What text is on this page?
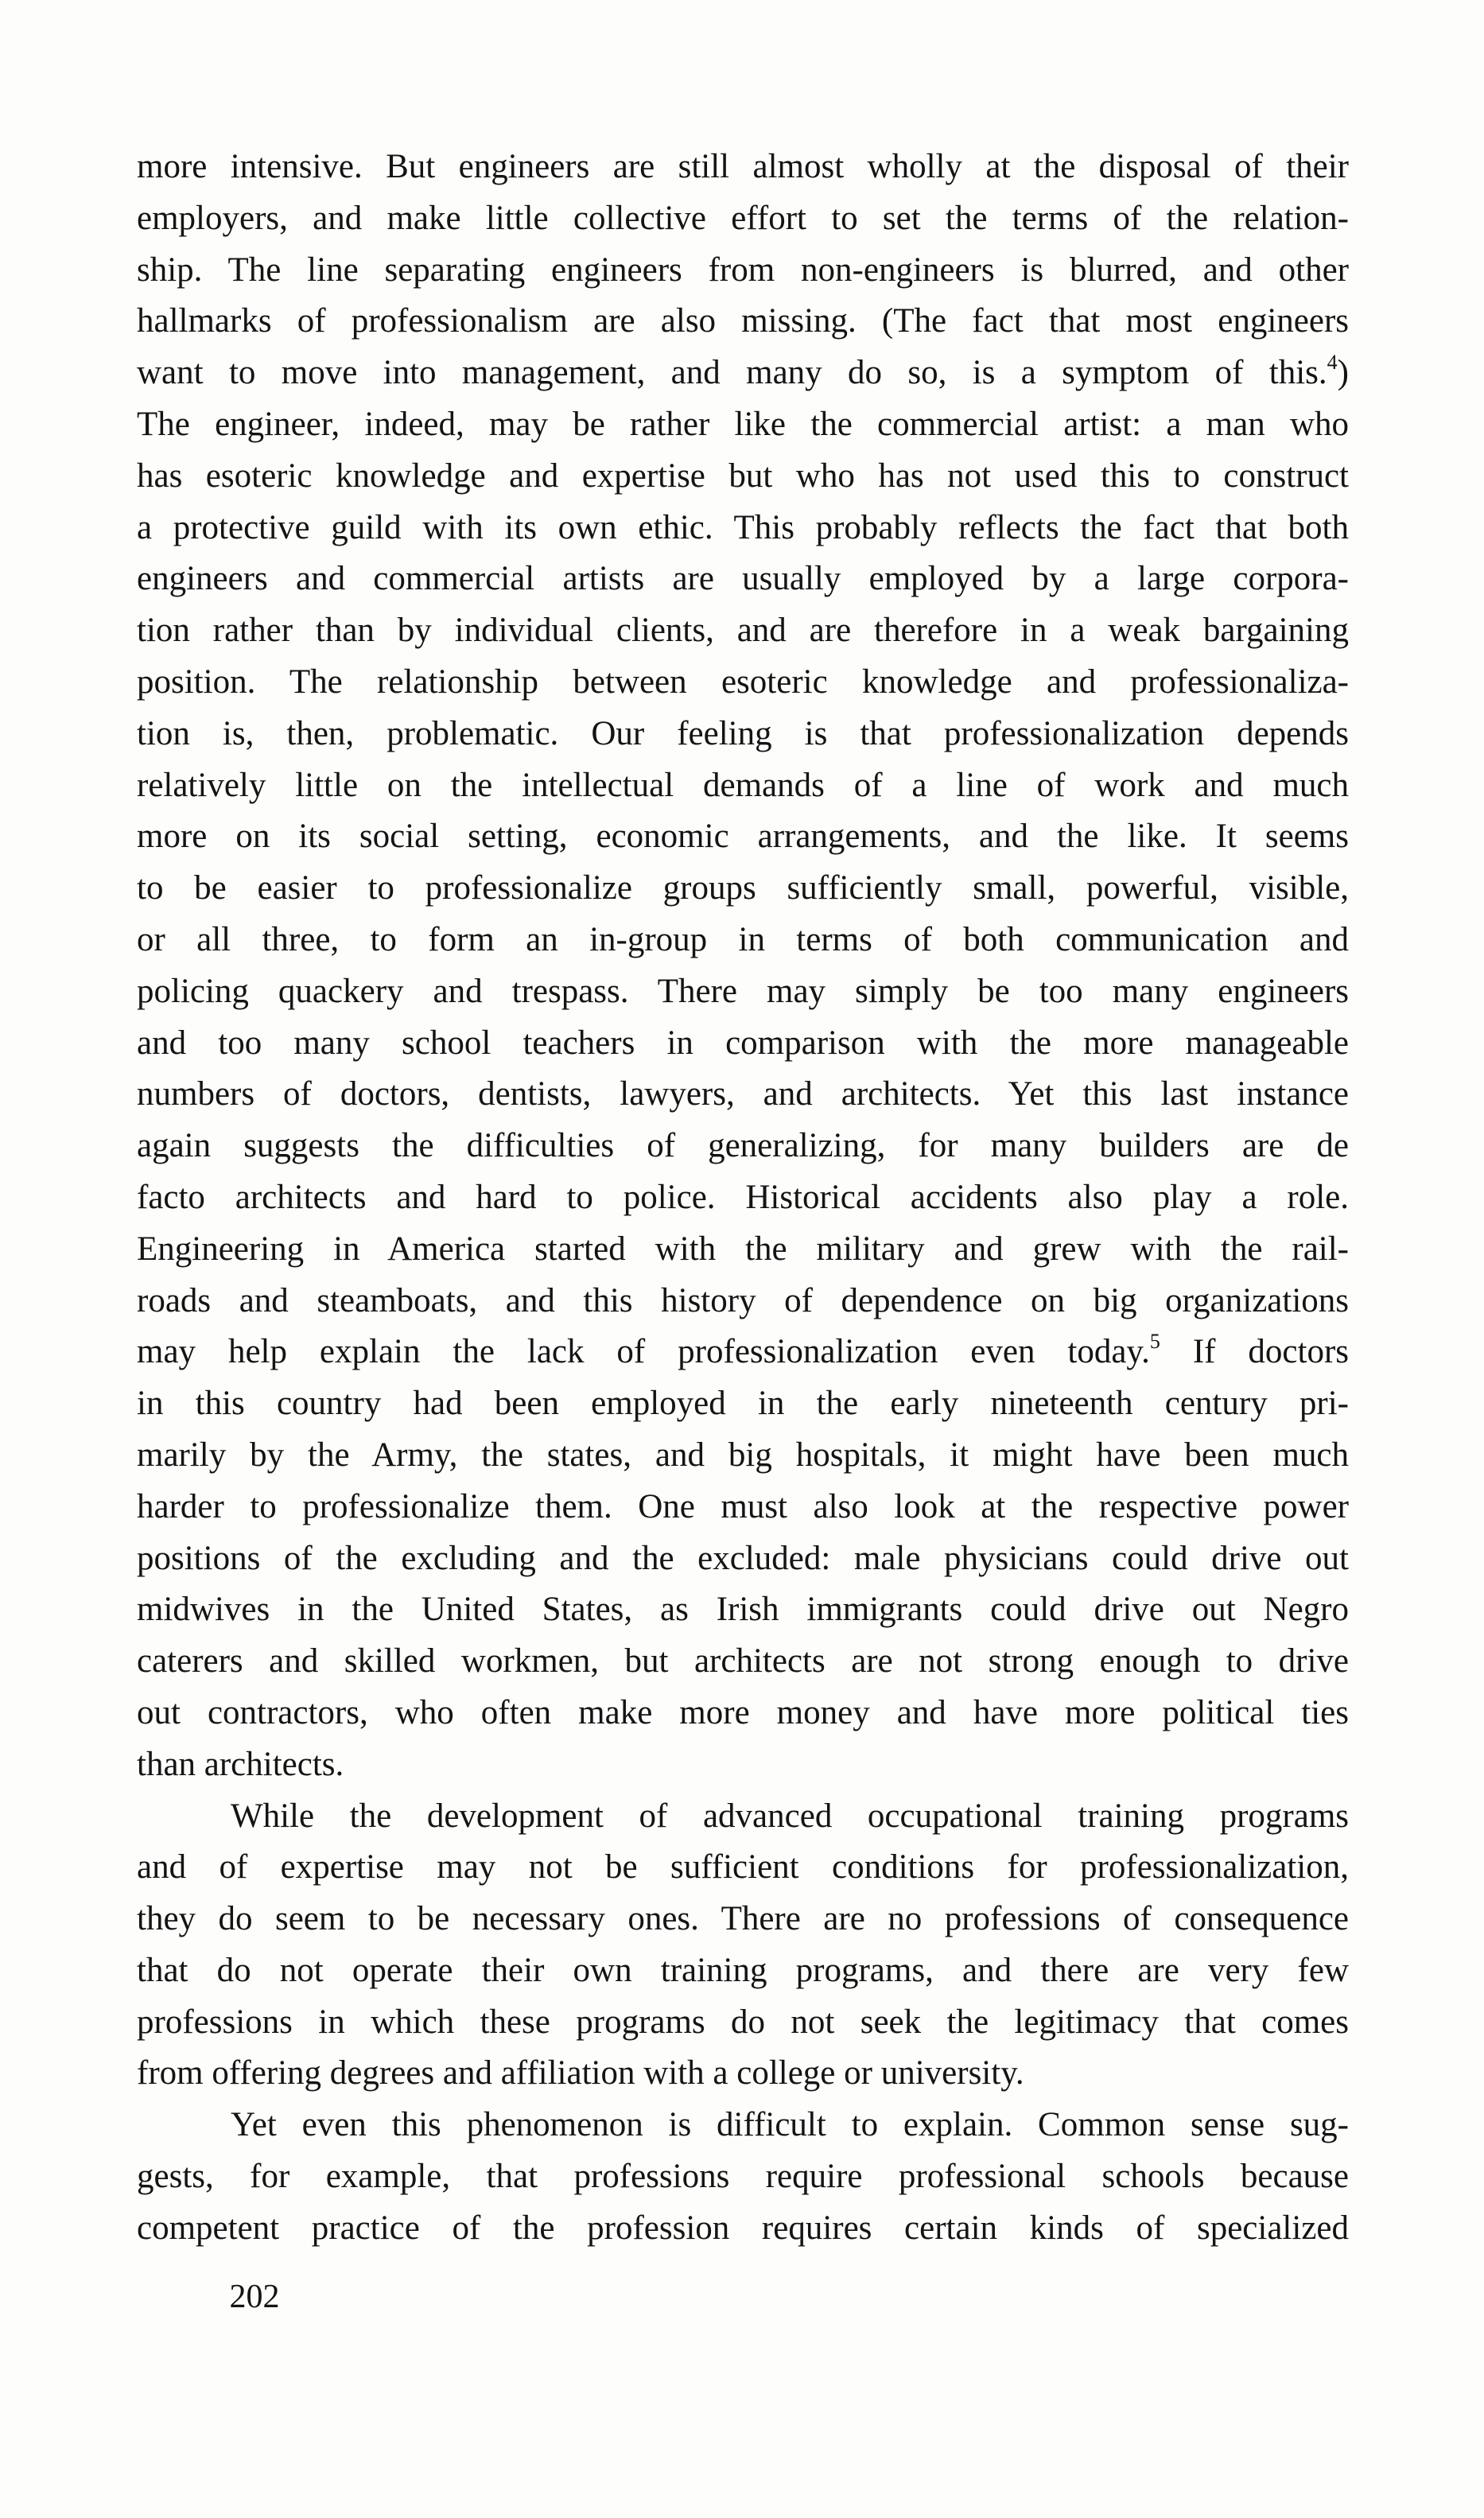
more intensive. But engineers are still almost wholly at the disposal of their
employers, and make little collective effort to set the terms of the relation-
ship. The line separating engineers from non-engineers is blurred, and other
hallmarks of professionalism are also missing. (The fact that most engineers
want to move into management, and many do so, is a symptom of this.$^4$)
The engineer, indeed, may be rather like the commercial artist: a man who
has esoteric knowledge and expertise but who has not used this to construct
a protective guild with its own ethic. This probably reflects the fact that both
engineers and commercial artists are usually employed by a large corpora-
tion rather than by individual clients, and are therefore in a weak bargaining
position. The relationship between esoteric knowledge and professionaliza-
tion is, then, problematic. Our feeling is that professionalization depends
relatively little on the intellectual demands of a line of work and much
more on its social setting, economic arrangements, and the like. It seems
to be easier to professionalize groups sufficiently small, powerful, visible,
or all three, to form an in-group in terms of both communication and
policing quackery and trespass. There may simply be too many engineers
and too many school teachers in comparison with the more manageable
numbers of doctors, dentists, lawyers, and architects. Yet this last instance
again suggests the difficulties of generalizing, for many builders are de
facto architects and hard to police. Historical accidents also play a role.
Engineering in America started with the military and grew with the rail-
roads and steamboats, and this history of dependence on big organizations
may help explain the lack of professionalization even today.$^5$ If doctors
in this country had been employed in the early nineteenth century pri-
marily by the Army, the states, and big hospitals, it might have been much
harder to professionalize them. One must also look at the respective power
positions of the excluding and the excluded: male physicians could drive out
midwives in the United States, as Irish immigrants could drive out Negro
caterers and skilled workmen, but architects are not strong enough to drive
out contractors, who often make more money and have more political ties
than architects.
While the development of advanced occupational training programs
and of expertise may not be sufficient conditions for professionalization,
they do seem to be necessary ones. There are no professions of consequence
that do not operate their own training programs, and there are very few
professions in which these programs do not seek the legitimacy that comes
from offering degrees and affiliation with a college or university.
Yet even this phenomenon is difficult to explain. Common sense sug-
gests, for example, that professions require professional schools because
competent practice of the profession requires certain kinds of specialized
202
